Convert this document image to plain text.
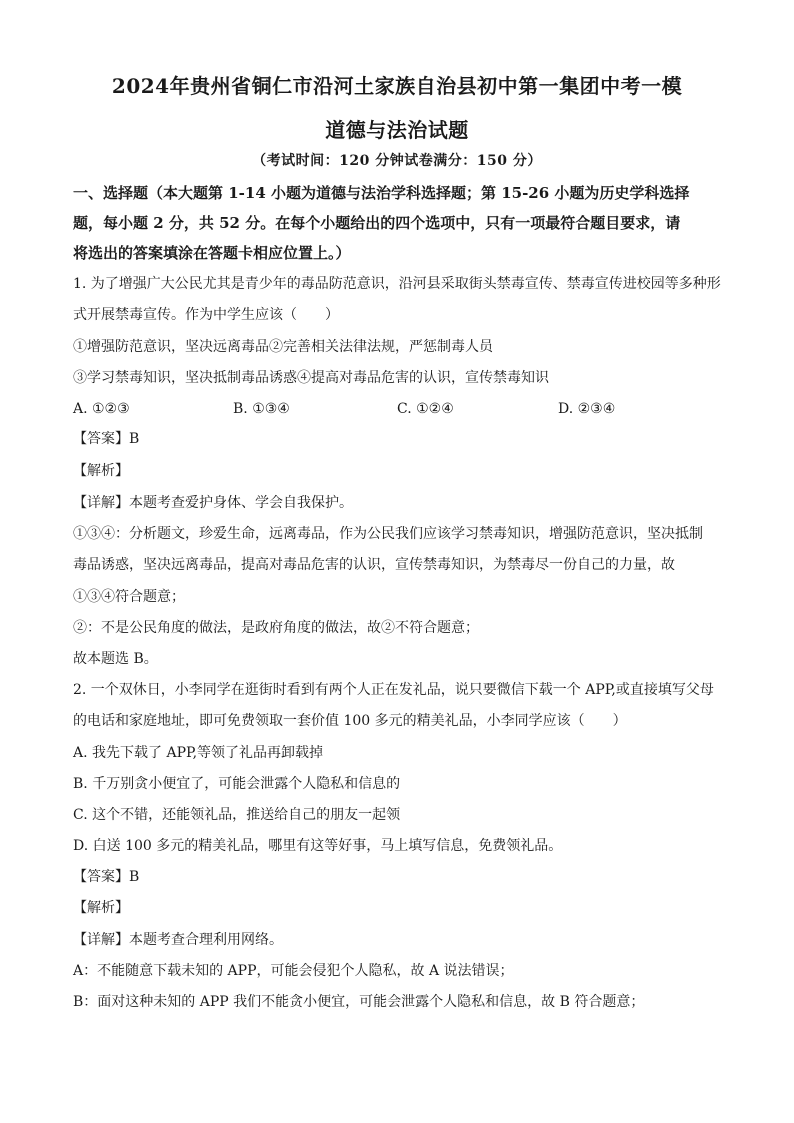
2024年贵州省铜仁市沿河土家族自治县初中第一集团中考一模
道德与法治试题
（考试时间：120 分钟试卷满分：150 分）
一、选择题（本大题第 1-14 小题为道德与法治学科选择题；第 15-26 小题为历史学科选择
题，每小题 2 分，共 52 分。在每个小题给出的四个选项中，只有一项最符合题目要求，请
将选出的答案填涂在答题卡相应位置上。）
1. 为了增强广大公民尤其是青少年的毒品防范意识，沿河县采取街头禁毒宣传、禁毒宣传进校园等多种形
式开展禁毒宣传。作为中学生应该（　　）
①增强防范意识，坚决远离毒品②完善相关法律法规，严惩制毒人员
③学习禁毒知识，坚决抵制毒品诱惑④提高对毒品危害的认识，宣传禁毒知识
A. ①②③	B. ①③④	C. ①②④	D. ②③④
【答案】B
【解析】
【详解】本题考查爱护身体、学会自我保护。
①③④：分析题文，珍爱生命，远离毒品，作为公民我们应该学习禁毒知识，增强防范意识，坚决抵制
毒品诱惑，坚决远离毒品，提高对毒品危害的认识，宣传禁毒知识，为禁毒尽一份自己的力量，故
①③④符合题意；
②：不是公民角度的做法，是政府角度的做法，故②不符合题意；
故本题选 B。
2. 一个双休日，小李同学在逛街时看到有两个人正在发礼品，说只要微信下载一个 APP,或直接填写父母
的电话和家庭地址，即可免费领取一套价值 100 多元的精美礼品，小李同学应该（　　）
A. 我先下载了 APP,等领了礼品再卸载掉
B. 千万别贪小便宜了，可能会泄露个人隐私和信息的
C. 这个不错，还能领礼品，推送给自己的朋友一起领
D. 白送 100 多元的精美礼品，哪里有这等好事，马上填写信息，免费领礼品。
【答案】B
【解析】
【详解】本题考查合理利用网络。
A：不能随意下载未知的 APP，可能会侵犯个人隐私，故 A 说法错误；
B：面对这种未知的 APP 我们不能贪小便宜，可能会泄露个人隐私和信息，故 B 符合题意；
